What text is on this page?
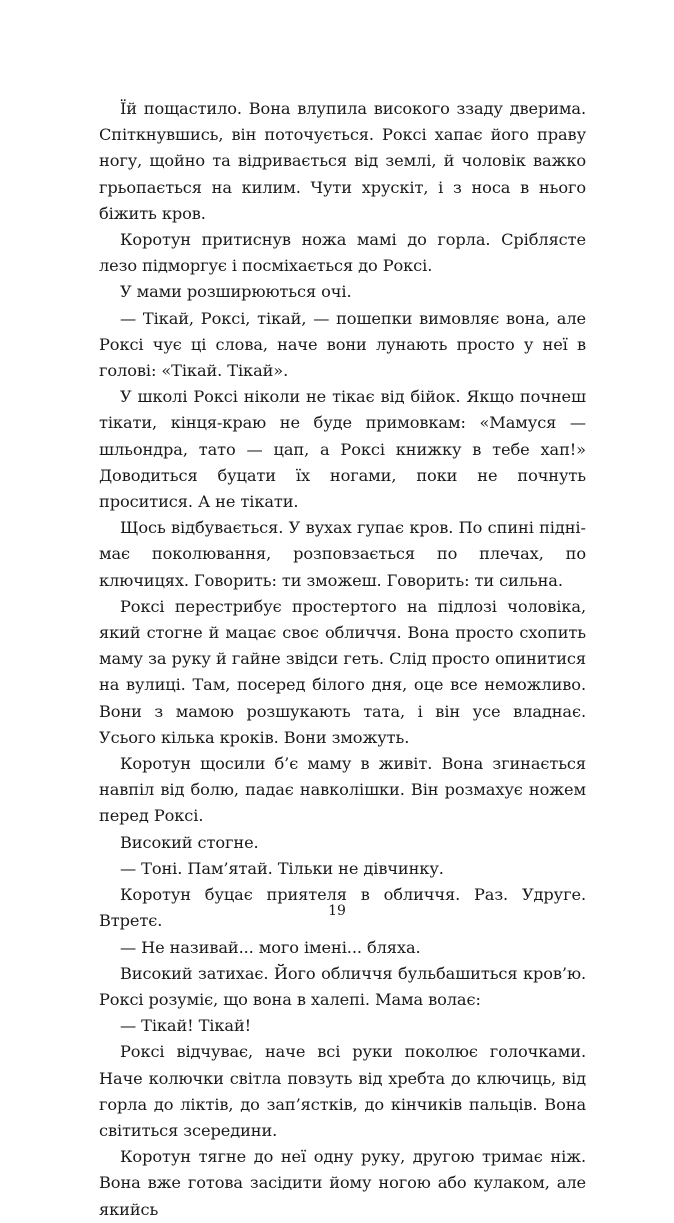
Їй пощастило. Вона влупила високого ззаду дверима. Спіткнувшись, він поточується. Рoксі хапає його праву ногу, щойно та відривається від землі, й чоловік важко грьопається на килим. Чути хрускіт, і з носа в нього біжить кров.

Коротун притиснув ножа мамі до горла. Сріблясте лезо підморгує і посміхається до Роксі.

У мами розширюються очі.

— Тікай, Роксі, тікай, — пошепки вимовляє вона, але Роксі чує ці слова, наче вони лунають просто у неї в голові: «Тікай. Тікай».

У школі Роксі ніколи не тікає від бійок. Якщо почнеш тікати, кінця-краю не буде примовкам: «Мамуся — шльондра, тато — цап, а Роксі книжку в тебе хап!» Доводиться буцати їх ногами, поки не почнуть проситися. А не тікати.

Щось відбувається. У вухах гупає кров. По спині піднімає поколювання, розповзається по плечах, по ключицях. Говорить: ти зможеш. Говорить: ти сильна.

Роксі перестрибує простертого на підлозі чоловіка, який стогне й мацає своє обличчя. Вона просто схопить маму за руку й гайне звідси геть. Слід просто опинитися на вулиці. Там, посеред білого дня, оце все неможливо. Вони з мамою розшукають тата, і він усе владнає. Усього кілька кроків. Вони зможуть.

Коротун щосили б’є маму в живіт. Вона згинається навпіл від болю, падає навколішки. Він розмахує ножем перед Роксі.

Високий стогне.

— Тоні. Пам’ятай. Тільки не дівчинку.

Коротун буцає приятеля в обличчя. Раз. Удруге. Втретє.

— Не називай... мого імені... бляха.

Високий затихає. Його обличчя бульбашиться кров’ю. Роксі розуміє, що вона в халепі. Мама волає:

— Тікай! Тікай!

Роксі відчуває, наче всі руки поколює голочками. Наче колючки світла повзуть від хребта до ключиць, від горла до ліктів, до зап’ястків, до кінчиків пальців. Вона світиться зсередини.

Коротун тягне до неї одну руку, другою тримає ніж. Вона вже готова засідити йому ногою або кулаком, але якийсь

19
